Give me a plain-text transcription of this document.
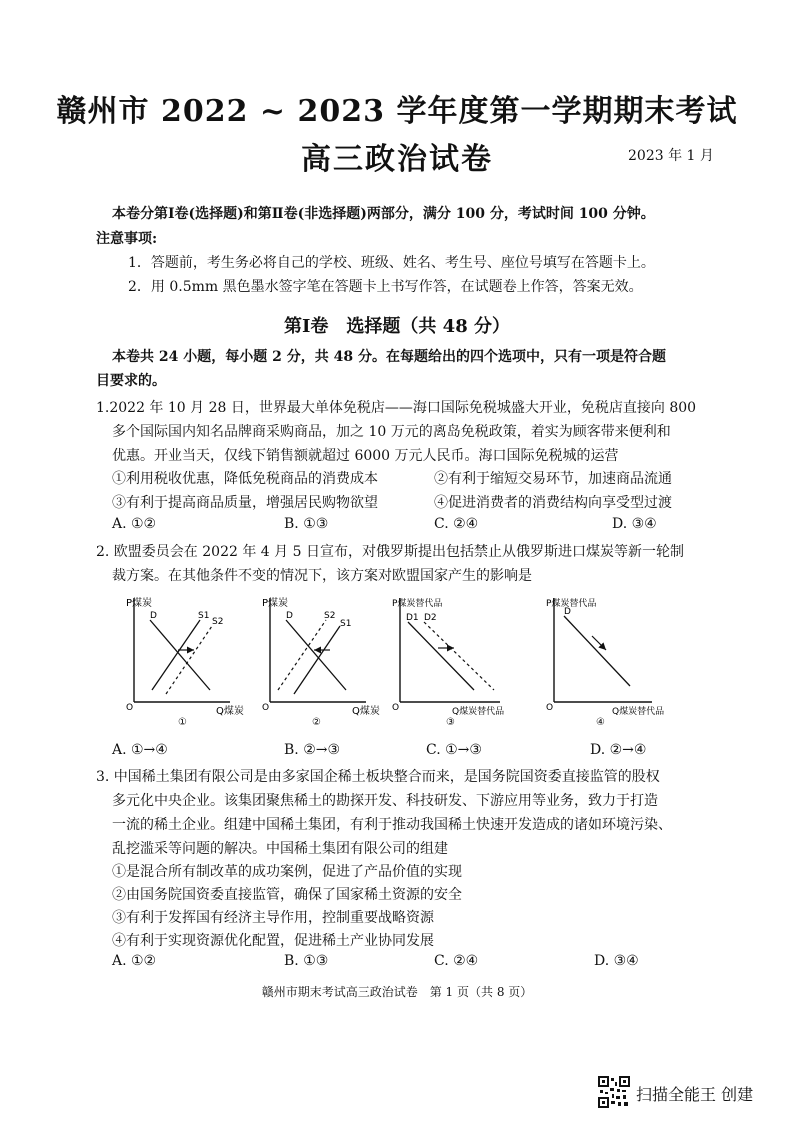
赣州市 2022 ~ 2023 学年度第一学期期末考试
高三政治试卷	2023 年 1 月
本卷分第Ⅰ卷(选择题)和第Ⅱ卷(非选择题)两部分，满分 100 分，考试时间 100 分钟。
注意事项:
1．答题前，考生务必将自己的学校、班级、姓名、考生号、座位号填写在答题卡上。
2．用 0.5mm 黑色墨水签字笔在答题卡上书写作答，在试题卷上作答，答案无效。
第Ⅰ卷　选择题（共 48 分）
本卷共 24 小题，每小题 2 分，共 48 分。在每题给出的四个选项中，只有一项是符合题
目要求的。
1.2022 年 10 月 28 日，世界最大单体免税店——海口国际免税城盛大开业，免税店直接向 800
多个国际国内知名品牌商采购商品，加之 10 万元的离岛免税政策，着实为顾客带来便利和
优惠。开业当天，仅线下销售额就超过 6000 万元人民币。海口国际免税城的运营
①利用税收优惠，降低免税商品的消费成本	②有利于缩短交易环节，加速商品流通
③有利于提高商品质量，增强居民购物欲望	④促进消费者的消费结构向享受型过渡
A. ①②	B. ①③	C. ②④	D. ③④
2. 欧盟委员会在 2022 年 4 月 5 日宣布，对俄罗斯提出包括禁止从俄罗斯进口煤炭等新一轮制
裁方案。在其他条件不变的情况下，该方案对欧盟国家产生的影响是
P煤炭
Q煤炭
O
①
D	S1
S2
P煤炭
Q煤炭
O
②
D	S2
S1
P煤炭替代品
Q煤炭替代品
O
③
D1 D2
P煤炭替代品
Q煤炭替代品
O
④
D
A. ①→④	B. ②→③	C. ①→③	D. ②→④
3. 中国稀土集团有限公司是由多家国企稀土板块整合而来，是国务院国资委直接监管的股权
多元化中央企业。该集团聚焦稀土的勘探开发、科技研发、下游应用等业务，致力于打造
一流的稀土企业。组建中国稀土集团，有利于推动我国稀土快速开发造成的诸如环境污染、
乱挖滥采等问题的解决。中国稀土集团有限公司的组建
①是混合所有制改革的成功案例，促进了产品价值的实现
②由国务院国资委直接监管，确保了国家稀土资源的安全
③有利于发挥国有经济主导作用，控制重要战略资源
④有利于实现资源优化配置，促进稀土产业协同发展
A. ①②	B. ①③	C. ②④	D. ③④
赣州市期末考试高三政治试卷　第 1 页（共 8 页）
扫描全能王 创建
